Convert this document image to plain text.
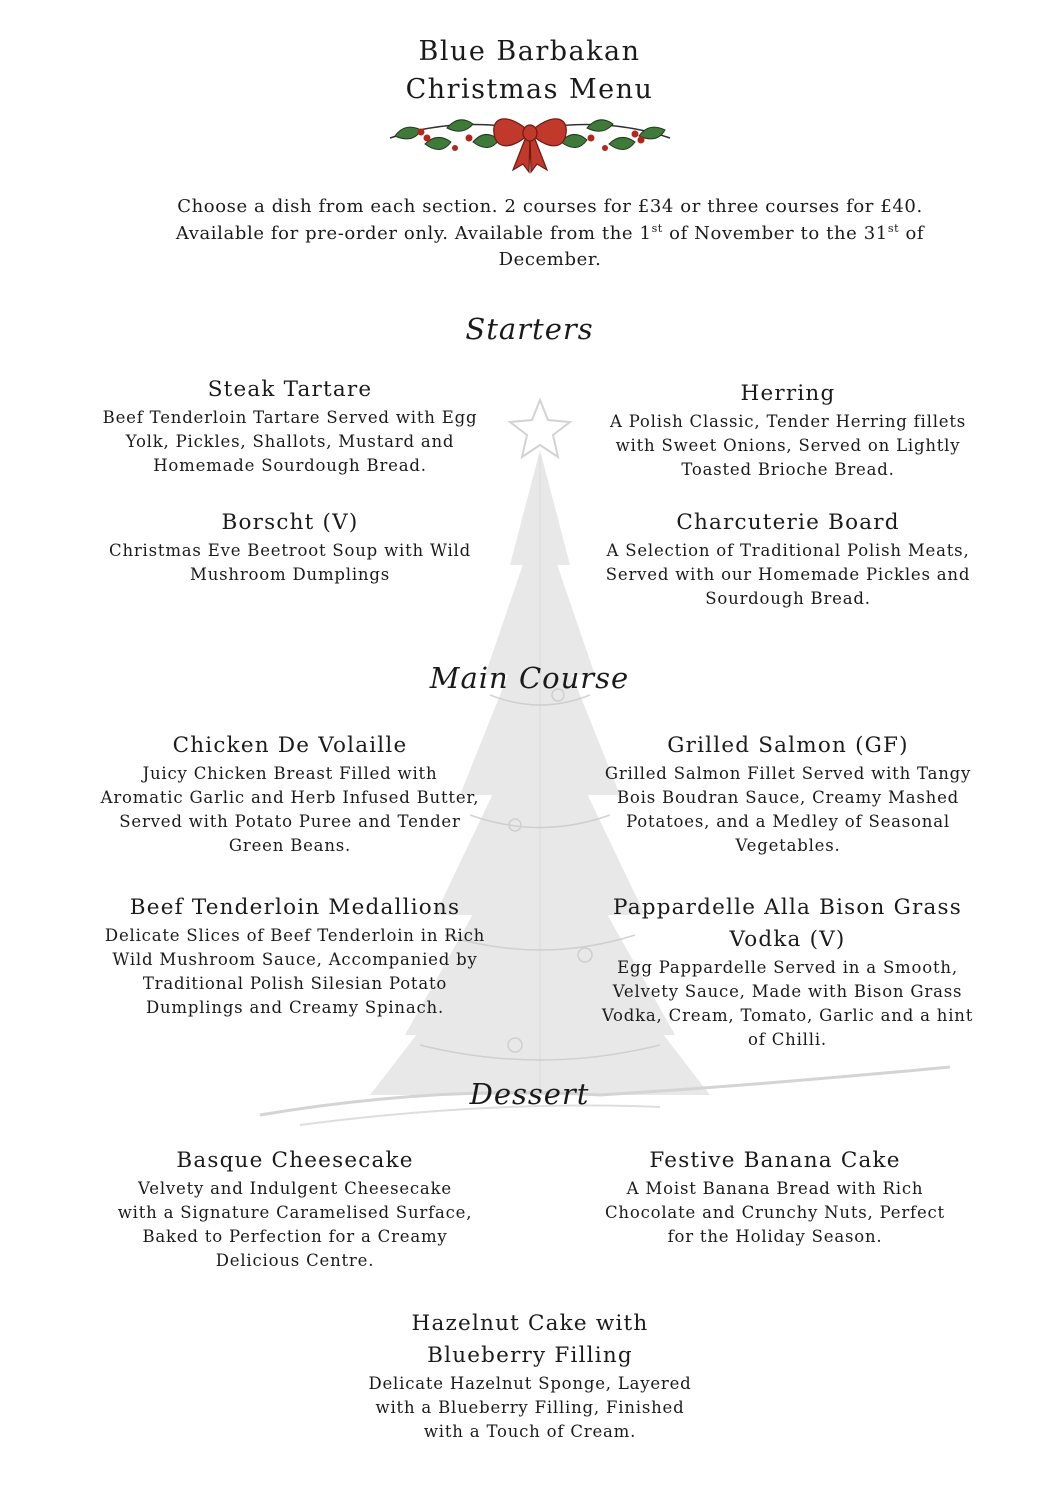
Blue Barbakan
Christmas Menu
Choose a dish from each section. 2 courses for £34 or three courses for £40.
Available for pre-order only. Available from the 1st of November to the 31st of
December.
Starters
Steak Tartare
Beef Tenderloin Tartare Served with Egg
Yolk, Pickles, Shallots, Mustard and
Homemade Sourdough Bread.
Herring
A Polish Classic, Tender Herring fillets
with Sweet Onions, Served on Lightly
Toasted Brioche Bread.
Borscht (V)
Christmas Eve Beetroot Soup with Wild
Mushroom Dumplings
Charcuterie Board
A Selection of Traditional Polish Meats,
Served with our Homemade Pickles and
Sourdough Bread.
Main Course
Chicken De Volaille
Juicy Chicken Breast Filled with
Aromatic Garlic and Herb Infused Butter,
Served with Potato Puree and Tender
Green Beans.
Grilled Salmon (GF)
Grilled Salmon Fillet Served with Tangy
Bois Boudran Sauce, Creamy Mashed
Potatoes, and a Medley of Seasonal
Vegetables.
Beef Tenderloin Medallions
Delicate Slices of Beef Tenderloin in Rich
Wild Mushroom Sauce, Accompanied by
Traditional Polish Silesian Potato
Dumplings and Creamy Spinach.
Pappardelle Alla Bison Grass
Vodka (V)
Egg Pappardelle Served in a Smooth,
Velvety Sauce, Made with Bison Grass
Vodka, Cream, Tomato, Garlic and a hint
of Chilli.
Dessert
Basque Cheesecake
Velvety and Indulgent Cheesecake
with a Signature Caramelised Surface,
Baked to Perfection for a Creamy
Delicious Centre.
Festive Banana Cake
A Moist Banana Bread with Rich
Chocolate and Crunchy Nuts, Perfect
for the Holiday Season.
Hazelnut Cake with
Blueberry Filling
Delicate Hazelnut Sponge, Layered
with a Blueberry Filling, Finished
with a Touch of Cream.
